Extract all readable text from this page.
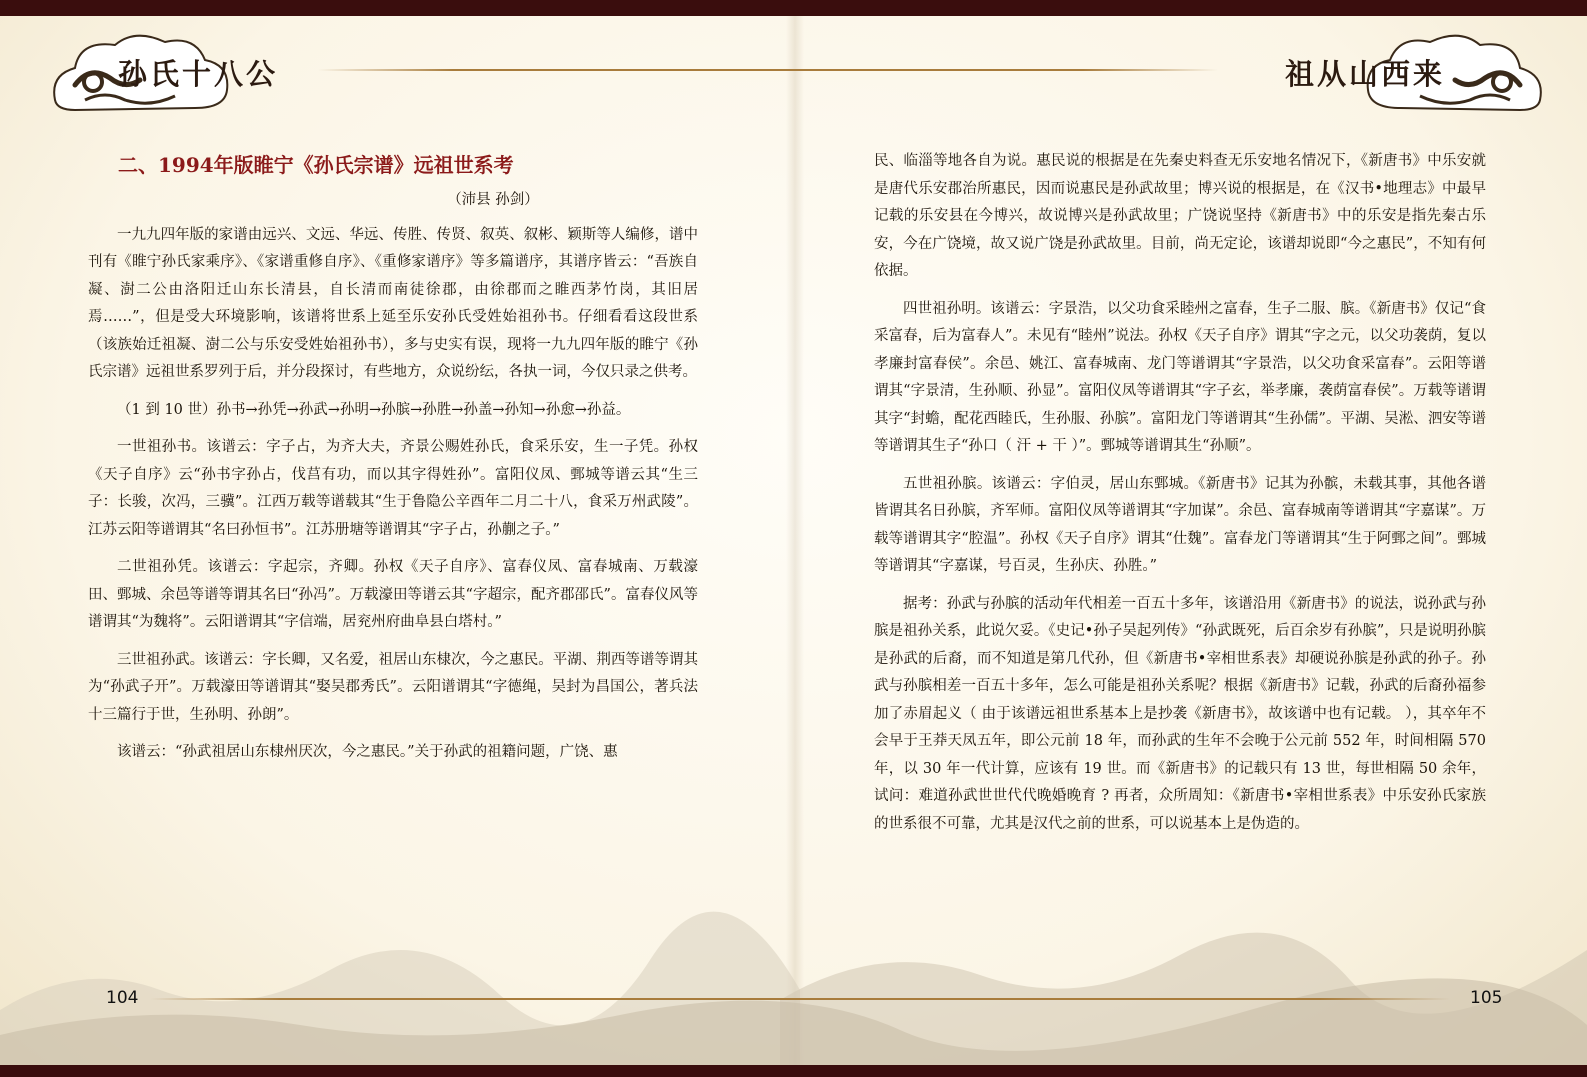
孙氏十八公	祖从山西来
二、1994年版睢宁《孙氏宗谱》远祖世系考
（沛县 孙剑）

一九九四年版的家谱由远兴、文远、华远、传胜、传贤、叙英、叙彬、颖斯等人编修，谱中刊有《睢宁孙氏家乘序》、《家谱重修自序》、《重修家谱序》等多篇谱序，其谱序皆云：“吾族自凝、澍二公由洛阳迁山东长清县，自长清而南徒徐郡，由徐郡而之睢西茅竹岗，其旧居焉……”，但是受大环境影响，该谱将世系上延至乐安孙氏受姓始祖孙书。仔细看看这段世系（该族始迁祖凝、澍二公与乐安受姓始祖孙书），多与史实有误，现将一九九四年版的睢宁《孙氏宗谱》远祖世系罗列于后，并分段探讨，有些地方，众说纷纭，各执一词，今仅只录之供考。

（1 到 10 世）孙书→孙凭→孙武→孙明→孙膑→孙胜→孙盖→孙知→孙愈→孙益。

一世祖孙书。该谱云：字子占，为齐大夫，齐景公赐姓孙氏，食采乐安，生一子凭。孙权 《天子自序》云“孙书字孙占，伐莒有功，而以其字得姓孙”。富阳仪凤、鄄城等谱云其“生三子：长骏，次冯，三骥”。江西万载等谱载其“生于鲁隐公辛酉年二月二十八，食采万州武陵”。江苏云阳等谱谓其“名曰孙恒书”。江苏册塘等谱谓其“字子占，孙蒯之子。”

二世祖孙凭。该谱云：字起宗，齐卿。孙权《天子自序》、富春仪凤、富春城南、万载濠田、鄄城、余邑等谱等谓其名曰“孙冯”。万载濠田等谱云其“字超宗，配齐郡邵氏”。富春仪风等谱谓其“为魏将”。云阳谱谓其“字信端，居兖州府曲阜县白塔村。”

三世祖孙武。该谱云：字长卿，又名爱，祖居山东棣次，今之惠民。平湖、荆西等谱等谓其为“孙武子开”。万载濠田等谱谓其“娶吴郡秀氏”。云阳谱谓其“字德绳，吴封为昌国公，著兵法十三篇行于世，生孙明、孙朗”。

该谱云：“孙武祖居山东棣州厌次，今之惠民。”关于孙武的祖籍问题，广饶、惠

民、临淄等地各自为说。惠民说的根据是在先秦史料查无乐安地名情况下，《新唐书》中乐安就是唐代乐安郡治所惠民，因而说惠民是孙武故里；博兴说的根据是，在《汉书•地理志》中最早记载的乐安县在今博兴，故说博兴是孙武故里；广饶说坚持《新唐书》中的乐安是指先秦古乐安，今在广饶境，故又说广饶是孙武故里。目前，尚无定论，该谱却说即“今之惠民”，不知有何依据。

四世祖孙明。该谱云：字景浩，以父功食采睦州之富春，生子二服、膑。《新唐书》仅记“食采富春，后为富春人”。未见有“睦州”说法。孙权《天子自序》谓其“字之元，以父功袭荫，复以孝廉封富春侯”。余邑、姚江、富春城南、龙门等谱谓其“字景浩，以父功食采富春”。云阳等谱谓其“字景清，生孙顺、孙显”。富阳仪凤等谱谓其“字子玄，举孝廉，袭荫富春侯”。万载等谱谓其字“封蟾，配花西睦氏，生孙服、孙膑”。富阳龙门等谱谓其“生孙儒”。平湖、吴淞、泗安等谱等谱谓其生子“孙口（ 汗 + 干 ）”。鄄城等谱谓其生“孙顺”。

五世祖孙膑。该谱云：字伯灵，居山东鄄城。《新唐书》记其为孙髌，未载其事，其他各谱皆谓其名日孙膑，齐军师。富阳仪凤等谱谓其“字加谋”。余邑、富春城南等谱谓其“字嘉谋”。万载等谱谓其字“腔温”。孙权《天子自序》谓其“仕魏”。富春龙门等谱谓其“生于阿鄄之间”。鄄城等谱谓其“字嘉谋，号百灵，生孙庆、孙胜。”

据考：孙武与孙膑的活动年代相差一百五十多年，该谱沿用《新唐书》的说法，说孙武与孙膑是祖孙关系，此说欠妥。《史记•孙子吴起列传》“孙武既死，后百余岁有孙膑”，只是说明孙膑是孙武的后裔，而不知道是第几代孙，但《新唐书•宰相世系表》却硬说孙膑是孙武的孙子。孙武与孙膑相差一百五十多年，怎么可能是祖孙关系呢？根据《新唐书》记载，孙武的后裔孙福参加了赤眉起义（ 由于该谱远祖世系基本上是抄袭《新唐书》，故该谱中也有记载。 ），其卒年不会早于王莽天凤五年，即公元前 18 年，而孙武的生年不会晚于公元前 552 年，时间相隔 570 年，以 30 年一代计算，应该有 19 世。而《新唐书》的记载只有 13 世，每世相隔 50 余年，试问：难道孙武世世代代晚婚晚育 ? 再者，众所周知：《新唐书•宰相世系表》中乐安孙氏家族的世系很不可靠，尤其是汉代之前的世系，可以说基本上是伪造的。

104	105
